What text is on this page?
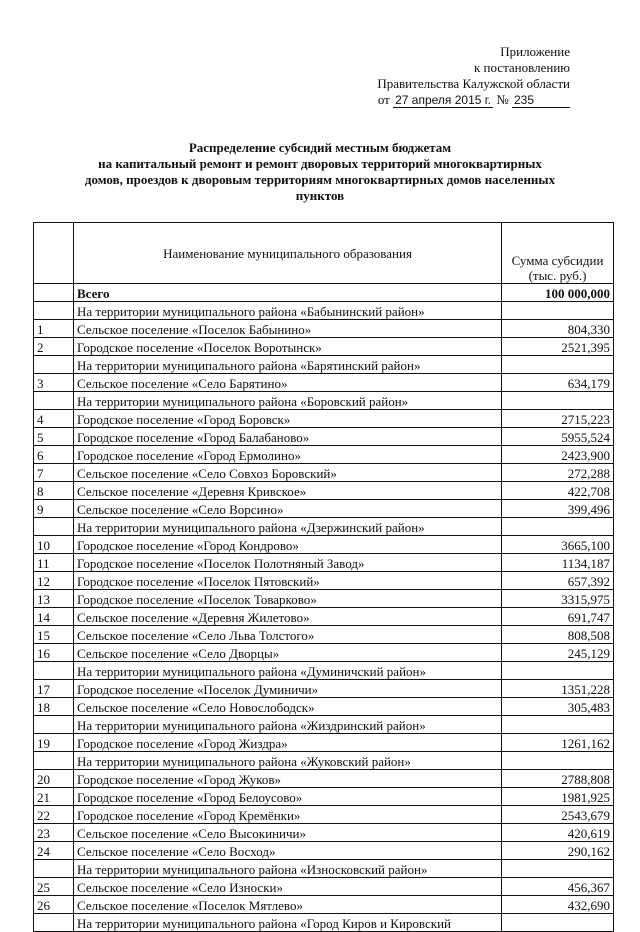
Приложение
к постановлению
Правительства Калужской области
от 27 апреля 2015 г. № 235
Распределение субсидий местным бюджетам
на капитальный ремонт и ремонт дворовых территорий многоквартирных
домов, проездов к дворовым территориям многоквартирных домов населенных
пунктов
	Наименование муниципального образования	Сумма субсидии (тыс. руб.)
	Всего	100 000,000
	На территории муниципального района «Бабынинский район»	
1	Сельское поселение «Поселок Бабынино»	804,330
2	Городское поселение «Поселок Воротынск»	2521,395
	На территории муниципального района «Барятинский район»	
3	Сельское поселение «Село Барятино»	634,179
	На территории муниципального района «Боровский район»	
4	Городское поселение «Город Боровск»	2715,223
5	Городское поселение «Город Балабаново»	5955,524
6	Городское поселение «Город Ермолино»	2423,900
7	Сельское поселение «Село Совхоз Боровский»	272,288
8	Сельское поселение «Деревня Кривское»	422,708
9	Сельское поселение «Село Ворсино»	399,496
	На территории муниципального района «Дзержинский район»	
10	Городское поселение «Город Кондрово»	3665,100
11	Городское поселение «Поселок Полотняный Завод»	1134,187
12	Городское поселение «Поселок Пятовский»	657,392
13	Городское поселение «Поселок Товарково»	3315,975
14	Сельское поселение «Деревня Жилетово»	691,747
15	Сельское поселение «Село Льва Толстого»	808,508
16	Сельское поселение «Село Дворцы»	245,129
	На территории муниципального района «Думиничский район»	
17	Городское поселение «Поселок Думиничи»	1351,228
18	Сельское поселение «Село Новослободск»	305,483
	На территории муниципального района «Жиздринский район»	
19	Городское поселение «Город Жиздра»	1261,162
	На территории муниципального района «Жуковский район»	
20	Городское поселение «Город Жуков»	2788,808
21	Городское поселение «Город Белоусово»	1981,925
22	Городское поселение «Город Кремёнки»	2543,679
23	Сельское поселение «Село Высокиничи»	420,619
24	Сельское поселение «Село Восход»	290,162
	На территории муниципального района «Износковский район»	
25	Сельское поселение «Село Износки»	456,367
26	Сельское поселение «Поселок Мятлево»	432,690
	На территории муниципального района «Город Киров и Кировский	
